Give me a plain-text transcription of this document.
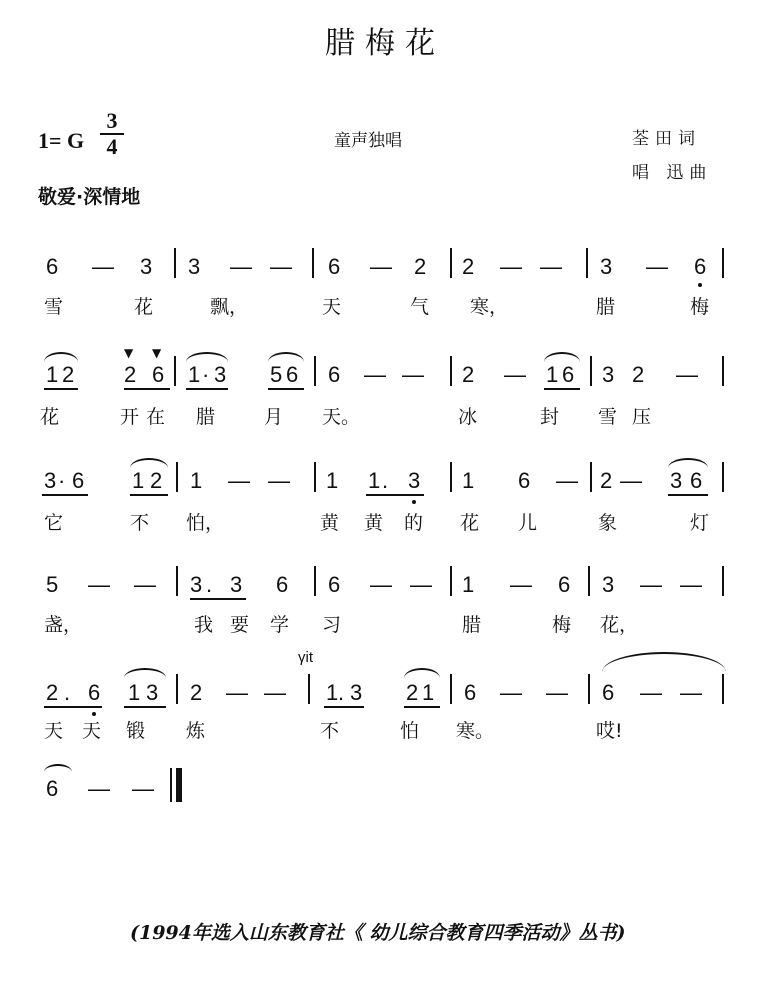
腊梅花
1= G
3
4	童声独唱	荃田词
唱 迅曲
敬爱·深情地
6 — 3 3 — — 6 — 2 2 — — 3 — 6
雪	花	飘，	天	气 寒，	腊	梅
1 2
▼ ▼
2 6 1 · 3 5 6 6 — — 2 — 1 6 3 2 —
花	开 在 腊	月 天。	冰	封 雪 压
3 · 6 1 2 1 — — 1 1 . 3 1 6 — 2 — 3 6
它	不 怕，	黄 黄 的 花 儿	象	灯
5 — — 3 . 3 6 6 — — 1 — 6 3 — —
盏，	我 要 学 习	腊	梅 花，
γit
2 . 6 1 3 2 — — 1 . 3 2 1 6 — — 6 — —
天 天 锻 炼	不	怕 寒。	哎!
6 — —
(1994年选入山东教育社《 幼儿综合教育四季活动》丛书)
